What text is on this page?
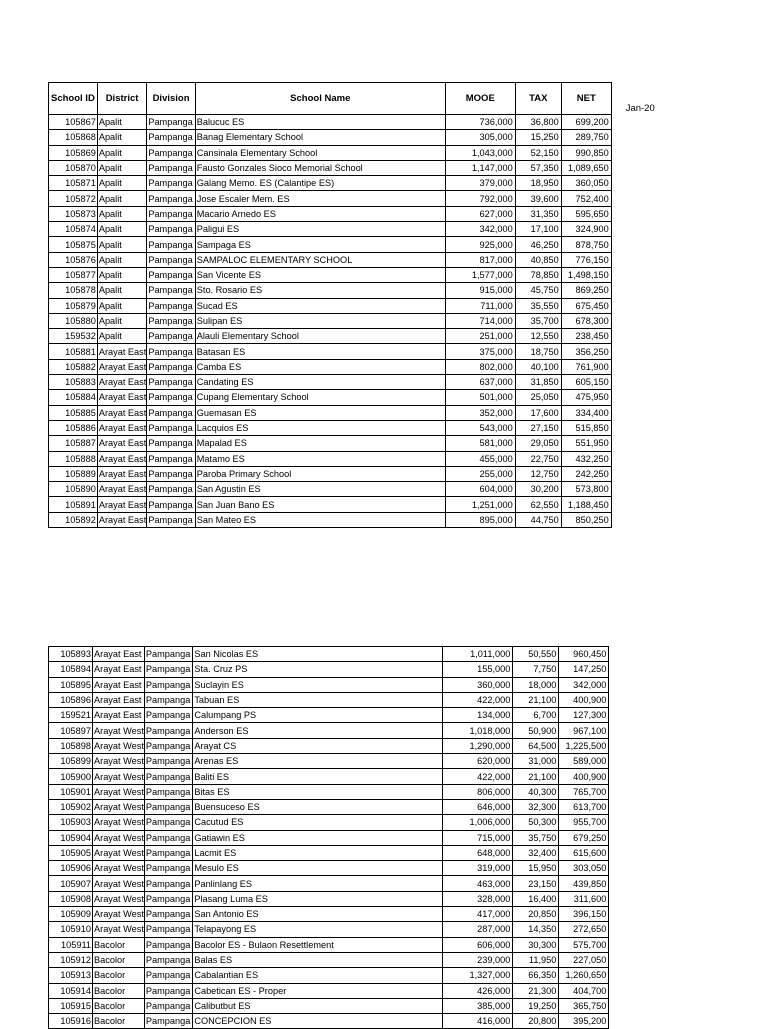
School ID	District	Division	School Name	MOOE	TAX	NET	Jan-20
105867	Apalit	Pampanga	Balucuc ES	736,000	36,800	699,200	
105868	Apalit	Pampanga	Banag Elementary School	305,000	15,250	289,750	
105869	Apalit	Pampanga	Cansinala Elementary School	1,043,000	52,150	990,850	
105870	Apalit	Pampanga	Fausto Gonzales Sioco Memorial School	1,147,000	57,350	1,089,650	
105871	Apalit	Pampanga	Galang Memo. ES (Calantipe ES)	379,000	18,950	360,050	
105872	Apalit	Pampanga	Jose Escaler Mem. ES	792,000	39,600	752,400	
105873	Apalit	Pampanga	Macario Arnedo ES	627,000	31,350	595,650	
105874	Apalit	Pampanga	Paligui ES	342,000	17,100	324,900	
105875	Apalit	Pampanga	Sampaga ES	925,000	46,250	878,750	
105876	Apalit	Pampanga	SAMPALOC ELEMENTARY SCHOOL	817,000	40,850	776,150	
105877	Apalit	Pampanga	San Vicente ES	1,577,000	78,850	1,498,150	
105878	Apalit	Pampanga	Sto. Rosario ES	915,000	45,750	869,250	
105879	Apalit	Pampanga	Sucad ES	711,000	35,550	675,450	
105880	Apalit	Pampanga	Sulipan ES	714,000	35,700	678,300	
159532	Apalit	Pampanga	Alauli Elementary School	251,000	12,550	238,450	
105881	Arayat East	Pampanga	Batasan ES	375,000	18,750	356,250	
105882	Arayat East	Pampanga	Camba ES	802,000	40,100	761,900	
105883	Arayat East	Pampanga	Candating ES	637,000	31,850	605,150	
105884	Arayat East	Pampanga	Cupang Elementary School	501,000	25,050	475,950	
105885	Arayat East	Pampanga	Guemasan ES	352,000	17,600	334,400	
105886	Arayat East	Pampanga	Lacquios ES	543,000	27,150	515,850	
105887	Arayat East	Pampanga	Mapalad ES	581,000	29,050	551,950	
105888	Arayat East	Pampanga	Matamo ES	455,000	22,750	432,250	
105889	Arayat East	Pampanga	Paroba Primary School	255,000	12,750	242,250	
105890	Arayat East	Pampanga	San Agustin ES	604,000	30,200	573,800	
105891	Arayat East	Pampanga	San Juan Bano ES	1,251,000	62,550	1,188,450	
105892	Arayat East	Pampanga	San Mateo ES	895,000	44,750	850,250	
105893	Arayat East	Pampanga	San Nicolas ES	1,011,000	50,550	960,450	
105894	Arayat East	Pampanga	Sta. Cruz PS	155,000	7,750	147,250	
105895	Arayat East	Pampanga	Suclayin ES	360,000	18,000	342,000	
105896	Arayat East	Pampanga	Tabuan ES	422,000	21,100	400,900	
159521	Arayat East	Pampanga	Calumpang PS	134,000	6,700	127,300	
105897	Arayat West	Pampanga	Anderson ES	1,018,000	50,900	967,100	
105898	Arayat West	Pampanga	Arayat CS	1,290,000	64,500	1,225,500	
105899	Arayat West	Pampanga	Arenas ES	620,000	31,000	589,000	
105900	Arayat West	Pampanga	Baliti ES	422,000	21,100	400,900	
105901	Arayat West	Pampanga	Bitas ES	806,000	40,300	765,700	
105902	Arayat West	Pampanga	Buensuceso ES	646,000	32,300	613,700	
105903	Arayat West	Pampanga	Cacutud ES	1,006,000	50,300	955,700	
105904	Arayat West	Pampanga	Gatiawin ES	715,000	35,750	679,250	
105905	Arayat West	Pampanga	Lacmit ES	648,000	32,400	615,600	
105906	Arayat West	Pampanga	Mesulo ES	319,000	15,950	303,050	
105907	Arayat West	Pampanga	Panlinlang ES	463,000	23,150	439,850	
105908	Arayat West	Pampanga	Plasang Luma ES	328,000	16,400	311,600	
105909	Arayat West	Pampanga	San Antonio ES	417,000	20,850	396,150	
105910	Arayat West	Pampanga	Telapayong ES	287,000	14,350	272,650	
105911	Bacolor	Pampanga	Bacolor ES - Bulaon Resettlement	606,000	30,300	575,700	
105912	Bacolor	Pampanga	Balas ES	239,000	11,950	227,050	
105913	Bacolor	Pampanga	Cabalantian ES	1,327,000	66,350	1,260,650	
105914	Bacolor	Pampanga	Cabetican ES - Proper	426,000	21,300	404,700	
105915	Bacolor	Pampanga	Calibutbut ES	385,000	19,250	365,750	
105916	Bacolor	Pampanga	CONCEPCION ES	416,000	20,800	395,200	
